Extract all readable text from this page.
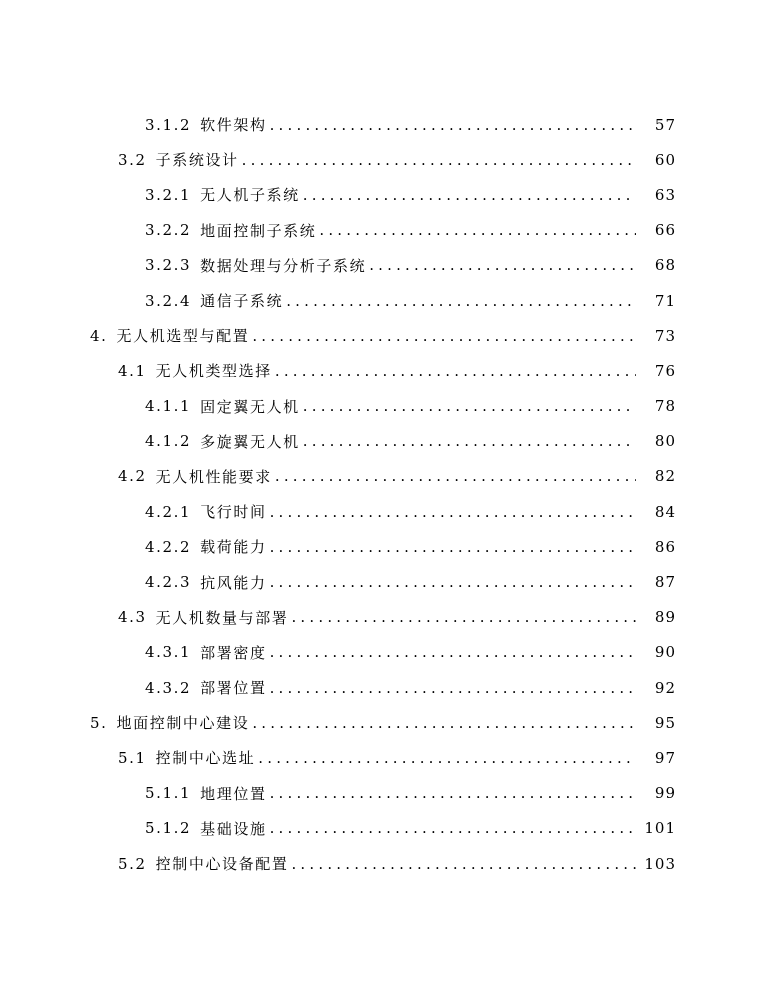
3.1.2 软件架构 .....	57
3.2 子系统设计 .....	60
3.2.1 无人机子系统 .....	63
3.2.2 地面控制子系统 .....	66
3.2.3 数据处理与分析子系统 .....	68
3.2.4 通信子系统 .....	71
4. 无人机选型与配置 .....	73
4.1 无人机类型选择 .....	76
4.1.1 固定翼无人机 .....	78
4.1.2 多旋翼无人机 .....	80
4.2 无人机性能要求 .....	82
4.2.1 飞行时间 .....	84
4.2.2 载荷能力 .....	86
4.2.3 抗风能力 .....	87
4.3 无人机数量与部署 .....	89
4.3.1 部署密度 .....	90
4.3.2 部署位置 .....	92
5. 地面控制中心建设 .....	95
5.1 控制中心选址 .....	97
5.1.1 地理位置 .....	99
5.1.2 基础设施 .....	101
5.2 控制中心设备配置 .....	103
